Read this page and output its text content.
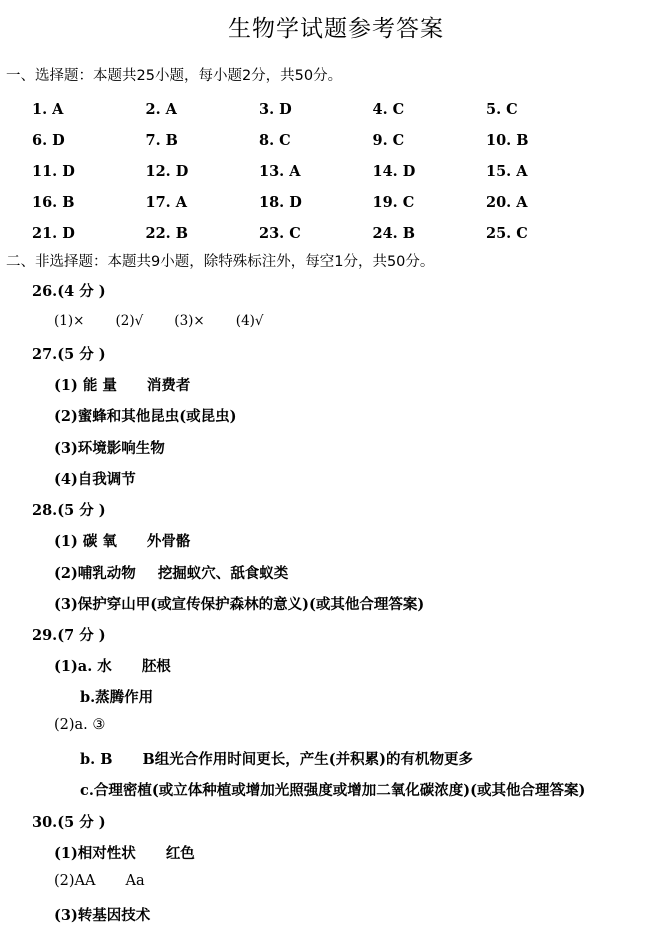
生物学试题参考答案
一、选择题：本题共25小题，每小题2分，共50分。
1. A	2. A	3. D	4. C	5. C
6. D	7. B	8. C	9. C	10. B
11. D	12. D	13. A	14. D	15. A
16. B	17. A	18. D	19. C	20. A
21. D	22. B	23. C	24. B	25. C
二、非选择题：本题共9小题，除特殊标注外，每空1分，共50分。
26.(4 分 )
(1)× (2)√ (3)× (4)√
27.(5 分 )
(1) 能 量 消费者
(2)蜜蜂和其他昆虫(或昆虫)
(3)环境影响生物
(4)自我调节
28.(5 分 )
(1) 碳 氧 外骨骼
(2)哺乳动物 挖掘蚁穴、舐食蚁类
(3)保护穿山甲(或宣传保护森林的意义)(或其他合理答案)
29.(7 分 )
(1)a. 水 胚根
b.蒸腾作用
(2)a. ③
b. B B组光合作用时间更长，产生(并积累)的有机物更多
c.合理密植(或立体种植或增加光照强度或增加二氧化碳浓度)(或其他合理答案)
30.(5 分 )
(1)相对性状 红色
(2)AA Aa
(3)转基因技术
